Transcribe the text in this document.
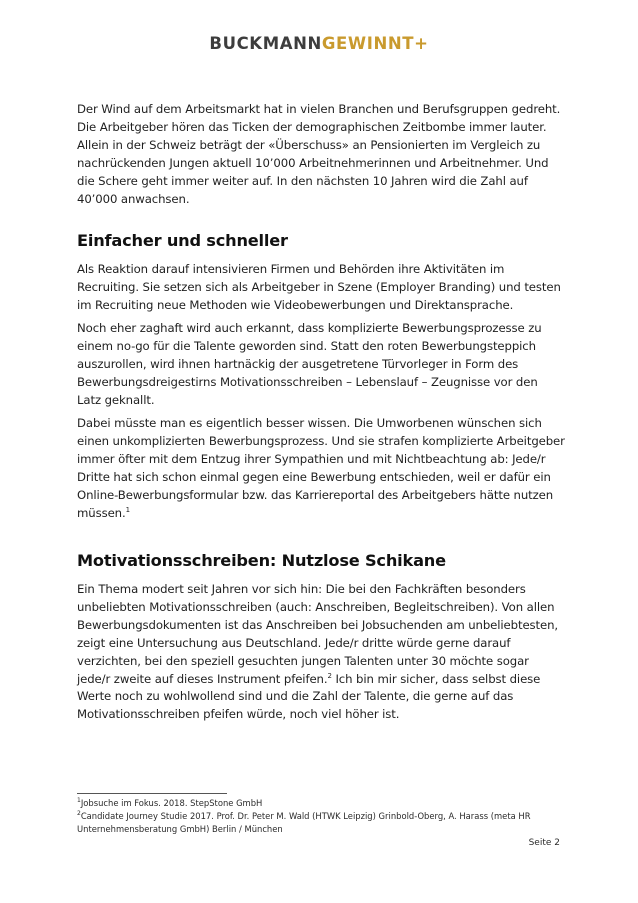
BUCKMANNGEWINNT+

Der Wind auf dem Arbeitsmarkt hat in vielen Branchen und Berufsgruppen gedreht. Die Arbeitgeber hören das Ticken der demographischen Zeitbombe immer lauter. Allein in der Schweiz beträgt der «Überschuss» an Pensionierten im Vergleich zu nachrückenden Jungen aktuell 10’000 Arbeitnehmerinnen und Arbeitnehmer. Und die Schere geht immer weiter auf. In den nächsten 10 Jahren wird die Zahl auf 40’000 anwachsen.

Einfacher und schneller

Als Reaktion darauf intensivieren Firmen und Behörden ihre Aktivitäten im Recruiting. Sie setzen sich als Arbeitgeber in Szene (Employer Branding) und testen im Recruiting neue Methoden wie Videobewerbungen und Direktansprache.

Noch eher zaghaft wird auch erkannt, dass komplizierte Bewerbungsprozesse zu einem no-go für die Talente geworden sind. Statt den roten Bewerbungsteppich auszurollen, wird ihnen hartnäckig der ausgetretene Türvorleger in Form des Bewerbungsdreigestirns Motivationsschreiben – Lebenslauf – Zeugnisse vor den Latz geknallt.

Dabei müsste man es eigentlich besser wissen. Die Umworbenen wünschen sich einen unkomplizierten Bewerbungsprozess. Und sie strafen komplizierte Arbeitgeber immer öfter mit dem Entzug ihrer Sympathien und mit Nichtbeachtung ab: Jede/r Dritte hat sich schon einmal gegen eine Bewerbung entschieden, weil er dafür ein Online-Bewerbungsformular bzw. das Karriereportal des Arbeitgebers hätte nutzen müssen.$^1$

Motivationsschreiben: Nutzlose Schikane

Ein Thema modert seit Jahren vor sich hin: Die bei den Fachkräften besonders unbeliebten Motivationsschreiben (auch: Anschreiben, Begleitschreiben). Von allen Bewerbungsdokumenten ist das Anschreiben bei Jobsuchenden am unbeliebtesten, zeigt eine Untersuchung aus Deutschland. Jede/r dritte würde gerne darauf verzichten, bei den speziell gesuchten jungen Talenten unter 30 möchte sogar jede/r zweite auf dieses Instrument pfeifen.$^2$ Ich bin mir sicher, dass selbst diese Werte noch zu wohlwollend sind und die Zahl der Talente, die gerne auf das Motivationsschreiben pfeifen würde, noch viel höher ist.

$^1$Jobsuche im Fokus. 2018. StepStone GmbH

$^2$Candidate Journey Studie 2017. Prof. Dr. Peter M. Wald (HTWK Leipzig) Grinbold-Oberg, A. Harass (meta HR Unternehmensberatung GmbH) Berlin / München

Seite 2
